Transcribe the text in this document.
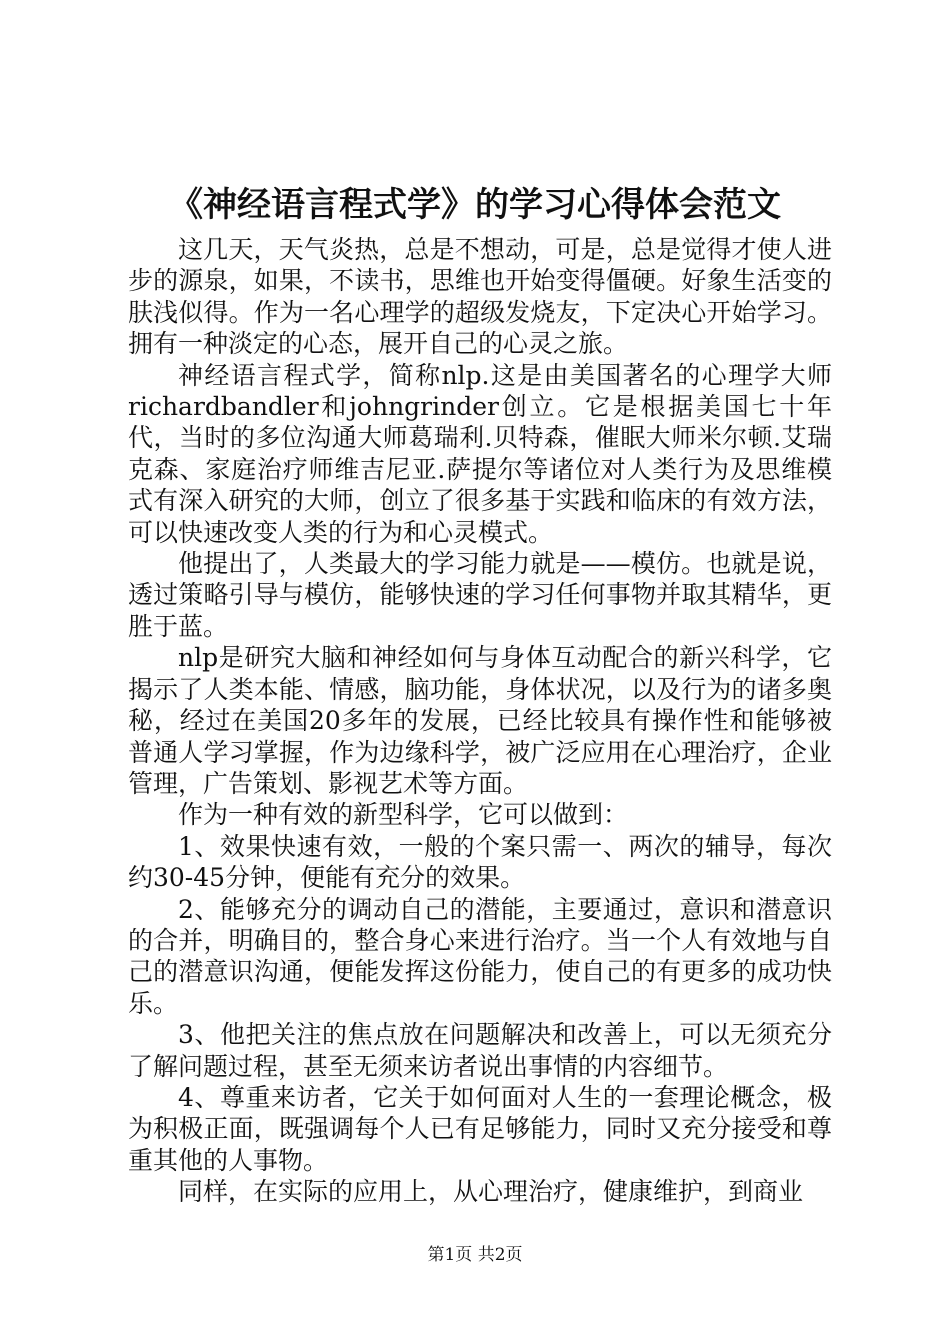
《神经语言程式学》的学习心得体会范文

这几天，天气炎热，总是不想动，可是，总是觉得才使人进步的源泉，如果，不读书，思维也开始变得僵硬。好象生活变的肤浅似得。作为一名心理学的超级发烧友，下定决心开始学习。拥有一种淡定的心态，展开自己的心灵之旅。

神经语言程式学，简称nlp.这是由美国著名的心理学大师richardbandler和johngrinder创立。它是根据美国七十年代，当时的多位沟通大师葛瑞利.贝特森，催眠大师米尔顿.艾瑞克森、家庭治疗师维吉尼亚.萨提尔等诸位对人类行为及思维模式有深入研究的大师，创立了很多基于实践和临床的有效方法，可以快速改变人类的行为和心灵模式。

他提出了，人类最大的学习能力就是——模仿。也就是说，透过策略引导与模仿，能够快速的学习任何事物并取其精华，更胜于蓝。

nlp是研究大脑和神经如何与身体互动配合的新兴科学，它揭示了人类本能、情感，脑功能，身体状况，以及行为的诸多奥秘，经过在美国20多年的发展，已经比较具有操作性和能够被普通人学习掌握，作为边缘科学，被广泛应用在心理治疗，企业管理，广告策划、影视艺术等方面。

作为一种有效的新型科学，它可以做到：

1、效果快速有效，一般的个案只需一、两次的辅导，每次约30-45分钟，便能有充分的效果。

2、能够充分的调动自己的潜能，主要通过，意识和潜意识的合并，明确目的，整合身心来进行治疗。当一个人有效地与自己的潜意识沟通，便能发挥这份能力，使自己的有更多的成功快乐。

3、他把关注的焦点放在问题解决和改善上，可以无须充分了解问题过程，甚至无须来访者说出事情的内容细节。

4、尊重来访者，它关于如何面对人生的一套理论概念，极为积极正面，既强调每个人已有足够能力，同时又充分接受和尊重其他的人事物。

同样，在实际的应用上，从心理治疗，健康维护，到商业

第1页 共2页
